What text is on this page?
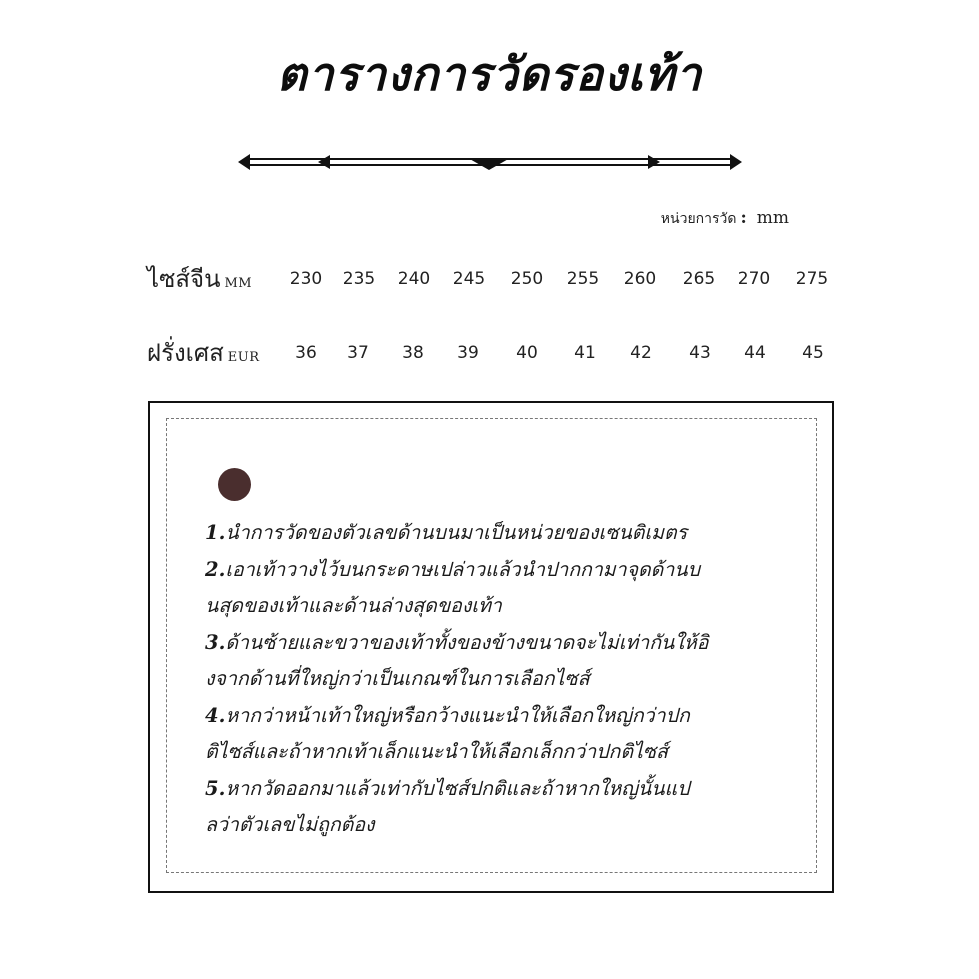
ตารางการวัดรองเท้า
หน่วยการวัด : mm
ไซส์จีน MM	230	235	240	245	250	255	260	265	270	275
ฝรั่งเศส EUR	36	37	38	39	40	41	42	43	44	45
1.นำการวัดของตัวเลขด้านบนมาเป็นหน่วยของเซนติเมตร
2.เอาเท้าวางไว้บนกระดาษเปล่าวแล้วนำปากกามาจุดด้านบ
นสุดของเท้าและด้านล่างสุดของเท้า
3.ด้านซ้ายและขวาของเท้าทั้งของข้างขนาดจะไม่เท่ากันให้อิ
งจากด้านที่ใหญ่กว่าเป็นเกณฑ์ในการเลือกไซส์
4.หากว่าหน้าเท้าใหญ่หรือกว้างแนะนำให้เลือกใหญ่กว่าปก
ติไซส์และถ้าหากเท้าเล็กแนะนำให้เลือกเล็กกว่าปกติไซส์
5.หากวัดออกมาแล้วเท่ากับไซส์ปกติและถ้าหากใหญ่นั้นแป
ลว่าตัวเลขไม่ถูกต้อง
